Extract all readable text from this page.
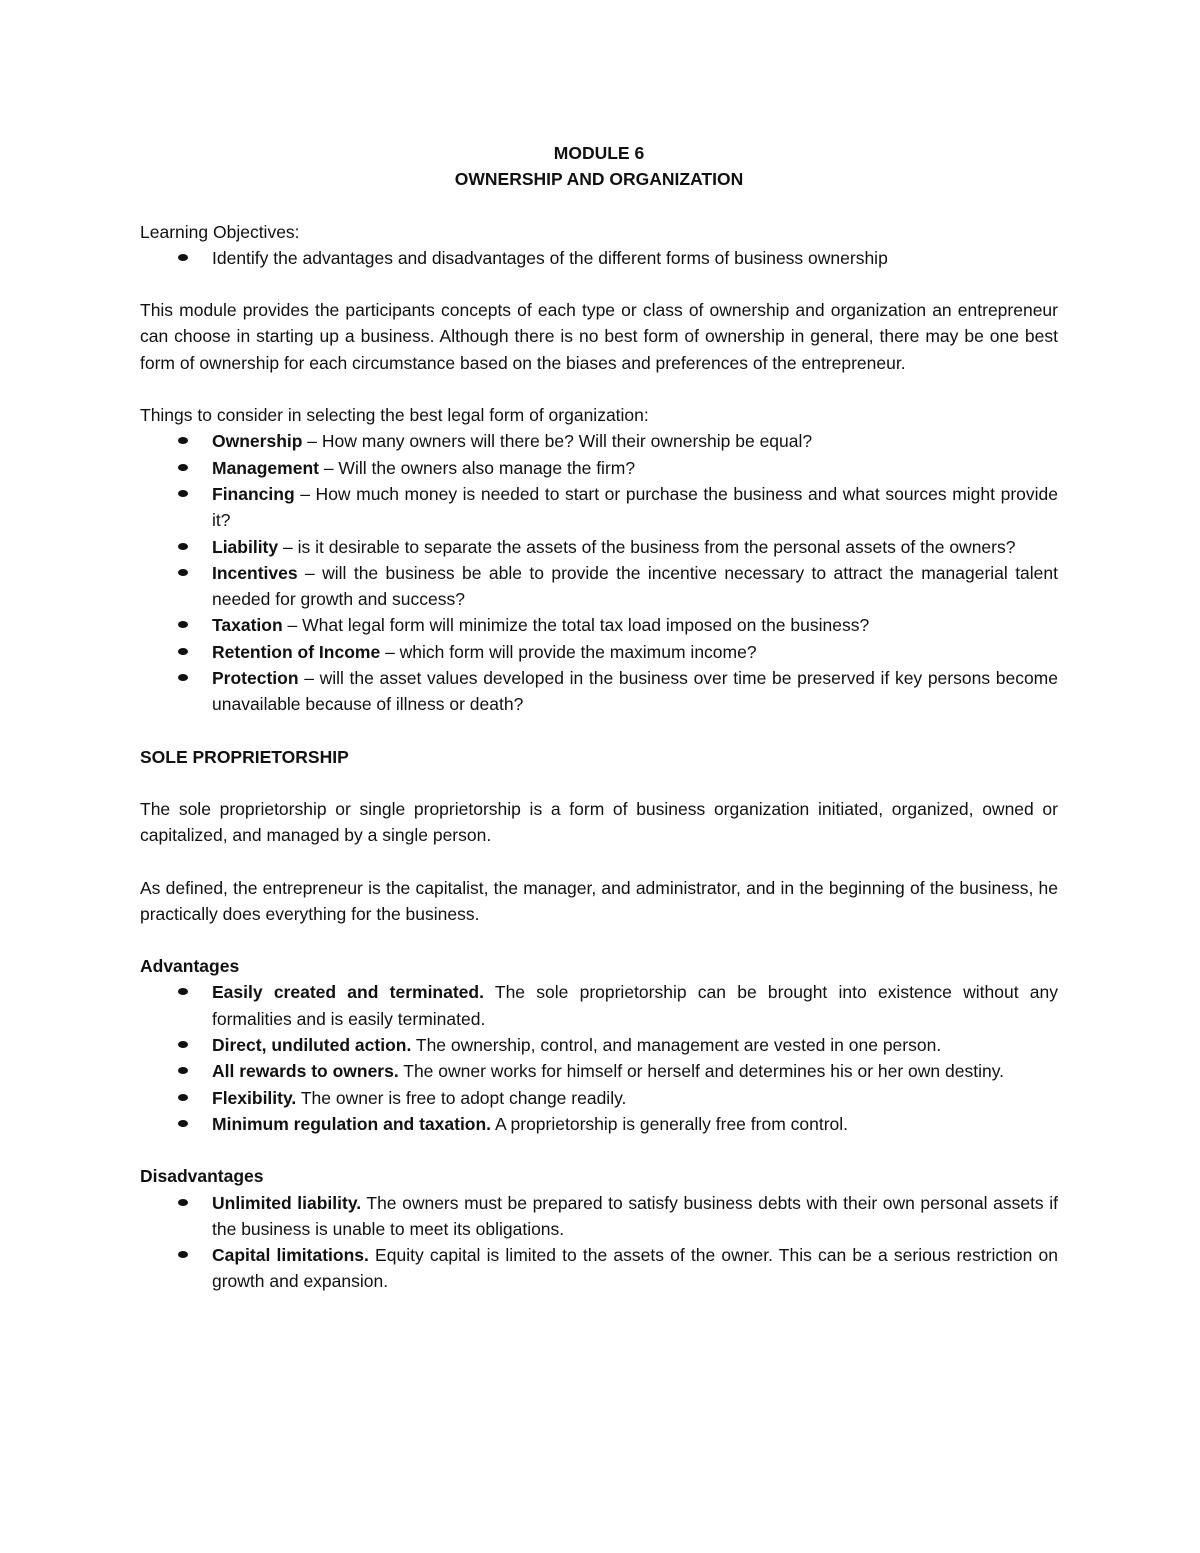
MODULE 6
OWNERSHIP AND ORGANIZATION
Learning Objectives:
Identify the advantages and disadvantages of the different forms of business ownership

This module provides the participants concepts of each type or class of ownership and organization an entrepreneur can choose in starting up a business. Although there is no best form of ownership in general, there may be one best form of ownership for each circumstance based on the biases and preferences of the entrepreneur.

Things to consider in selecting the best legal form of organization:
Ownership – How many owners will there be? Will their ownership be equal?
Management – Will the owners also manage the firm?
Financing – How much money is needed to start or purchase the business and what sources might provide it?
Liability – is it desirable to separate the assets of the business from the personal assets of the owners?
Incentives – will the business be able to provide the incentive necessary to attract the managerial talent needed for growth and success?
Taxation – What legal form will minimize the total tax load imposed on the business?
Retention of Income – which form will provide the maximum income?
Protection – will the asset values developed in the business over time be preserved if key persons become unavailable because of illness or death?
SOLE PROPRIETORSHIP

The sole proprietorship or single proprietorship is a form of business organization initiated, organized, owned or capitalized, and managed by a single person.

As defined, the entrepreneur is the capitalist, the manager, and administrator, and in the beginning of the business, he practically does everything for the business.

Advantages
Easily created and terminated. The sole proprietorship can be brought into existence without any formalities and is easily terminated.
Direct, undiluted action. The ownership, control, and management are vested in one person.
All rewards to owners. The owner works for himself or herself and determines his or her own destiny.
Flexibility. The owner is free to adopt change readily.
Minimum regulation and taxation. A proprietorship is generally free from control.
Disadvantages
Unlimited liability. The owners must be prepared to satisfy business debts with their own personal assets if the business is unable to meet its obligations.
Capital limitations. Equity capital is limited to the assets of the owner. This can be a serious restriction on growth and expansion.
